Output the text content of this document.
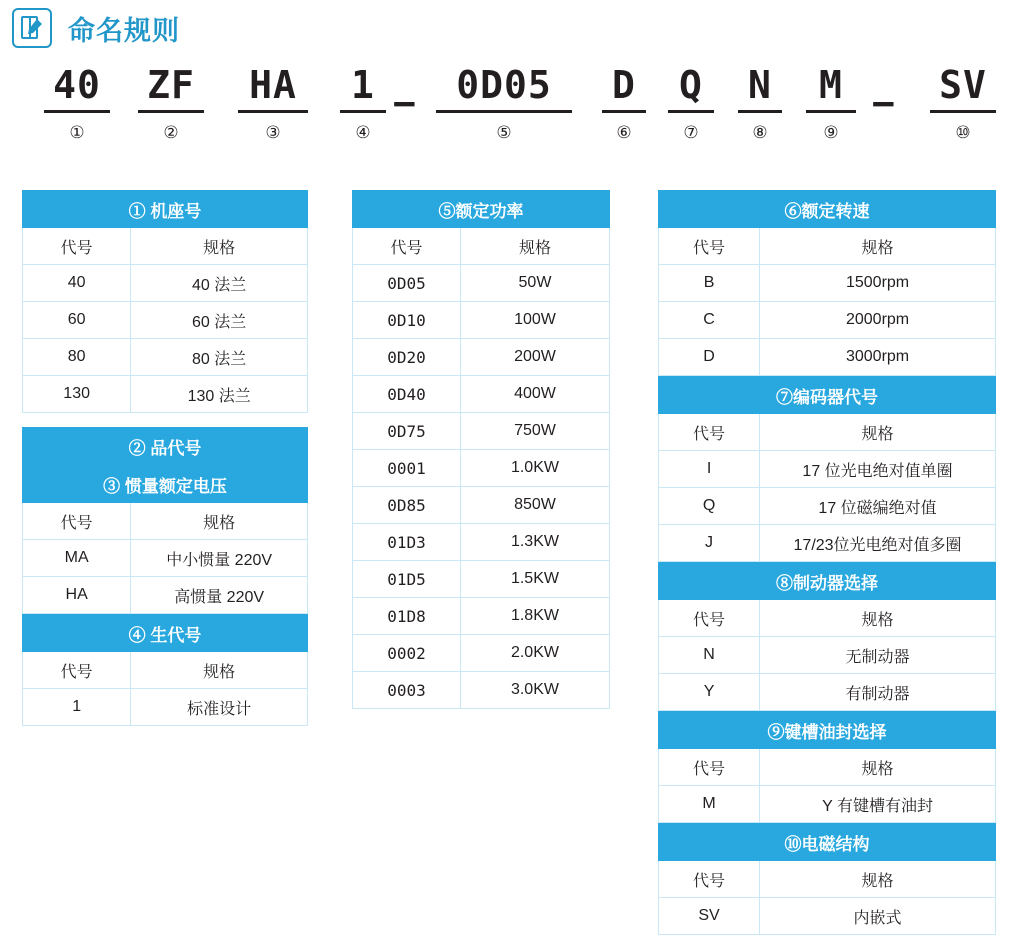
命名规则
40
①
ZF
②
HA
③
1
④
0D05
⑤
D
⑥
Q
⑦
N
⑧
M
⑨
SV
⑩
−	−
① 机座号	
代号	规格
40	40 法兰
60	60 法兰
80	80 法兰
130	130 法兰
② 品代号
③ 惯量额定电压	
代号	规格
MA	中小惯量 220V
HA	高惯量 220V
④ 生代号	
代号	规格
1	标准设计
⑤额定功率	
代号	规格
0D05	50W
0D10	100W
0D20	200W
0D40	400W
0D75	750W
0001	1.0KW
0D85	850W
01D3	1.3KW
01D5	1.5KW
01D8	1.8KW
0002	2.0KW
0003	3.0KW
⑥额定转速	
代号	规格
B	1500rpm
C	2000rpm
D	3000rpm
⑦编码器代号	
代号	规格
I	17 位光电绝对值单圈
Q	17 位磁编绝对值
J	17/23位光电绝对值多圈
⑧制动器选择	
代号	规格
N	无制动器
Y	有制动器
⑨键槽油封选择	
代号	规格
M	Y 有键槽有油封
⑩电磁结构	
代号	规格
SV	内嵌式
